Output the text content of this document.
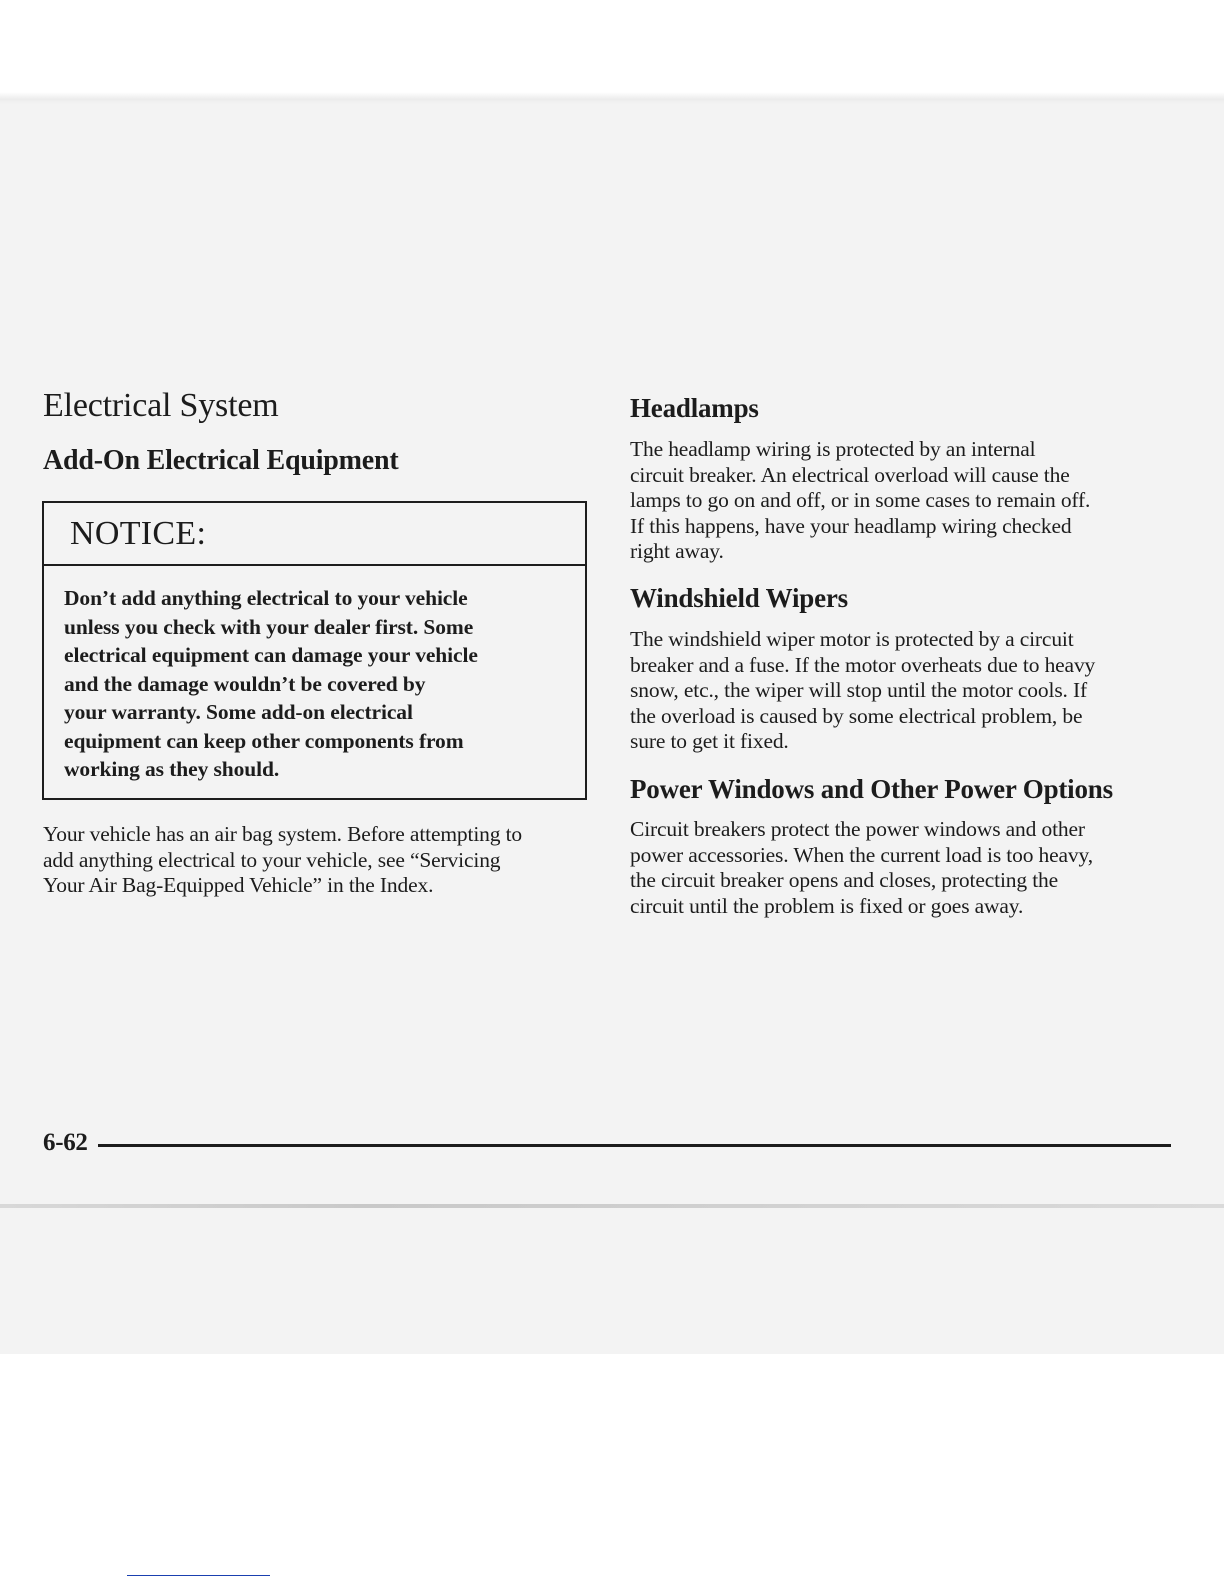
Electrical System
Add-On Electrical Equipment
NOTICE:
Don’t add anything electrical to your vehicle
unless you check with your dealer first. Some
electrical equipment can damage your vehicle
and the damage wouldn’t be covered by
your warranty. Some add-on electrical
equipment can keep other components from
working as they should.
Your vehicle has an air bag system. Before attempting to
add anything electrical to your vehicle, see “Servicing
Your Air Bag-Equipped Vehicle” in the Index.
Headlamps
The headlamp wiring is protected by an internal
circuit breaker. An electrical overload will cause the
lamps to go on and off, or in some cases to remain off.
If this happens, have your headlamp wiring checked
right away.
Windshield Wipers
The windshield wiper motor is protected by a circuit
breaker and a fuse. If the motor overheats due to heavy
snow, etc., the wiper will stop until the motor cools. If
the overload is caused by some electrical problem, be
sure to get it fixed.
Power Windows and Other Power Options
Circuit breakers protect the power windows and other
power accessories. When the current load is too heavy,
the circuit breaker opens and closes, protecting the
circuit until the problem is fixed or goes away.
6-62
